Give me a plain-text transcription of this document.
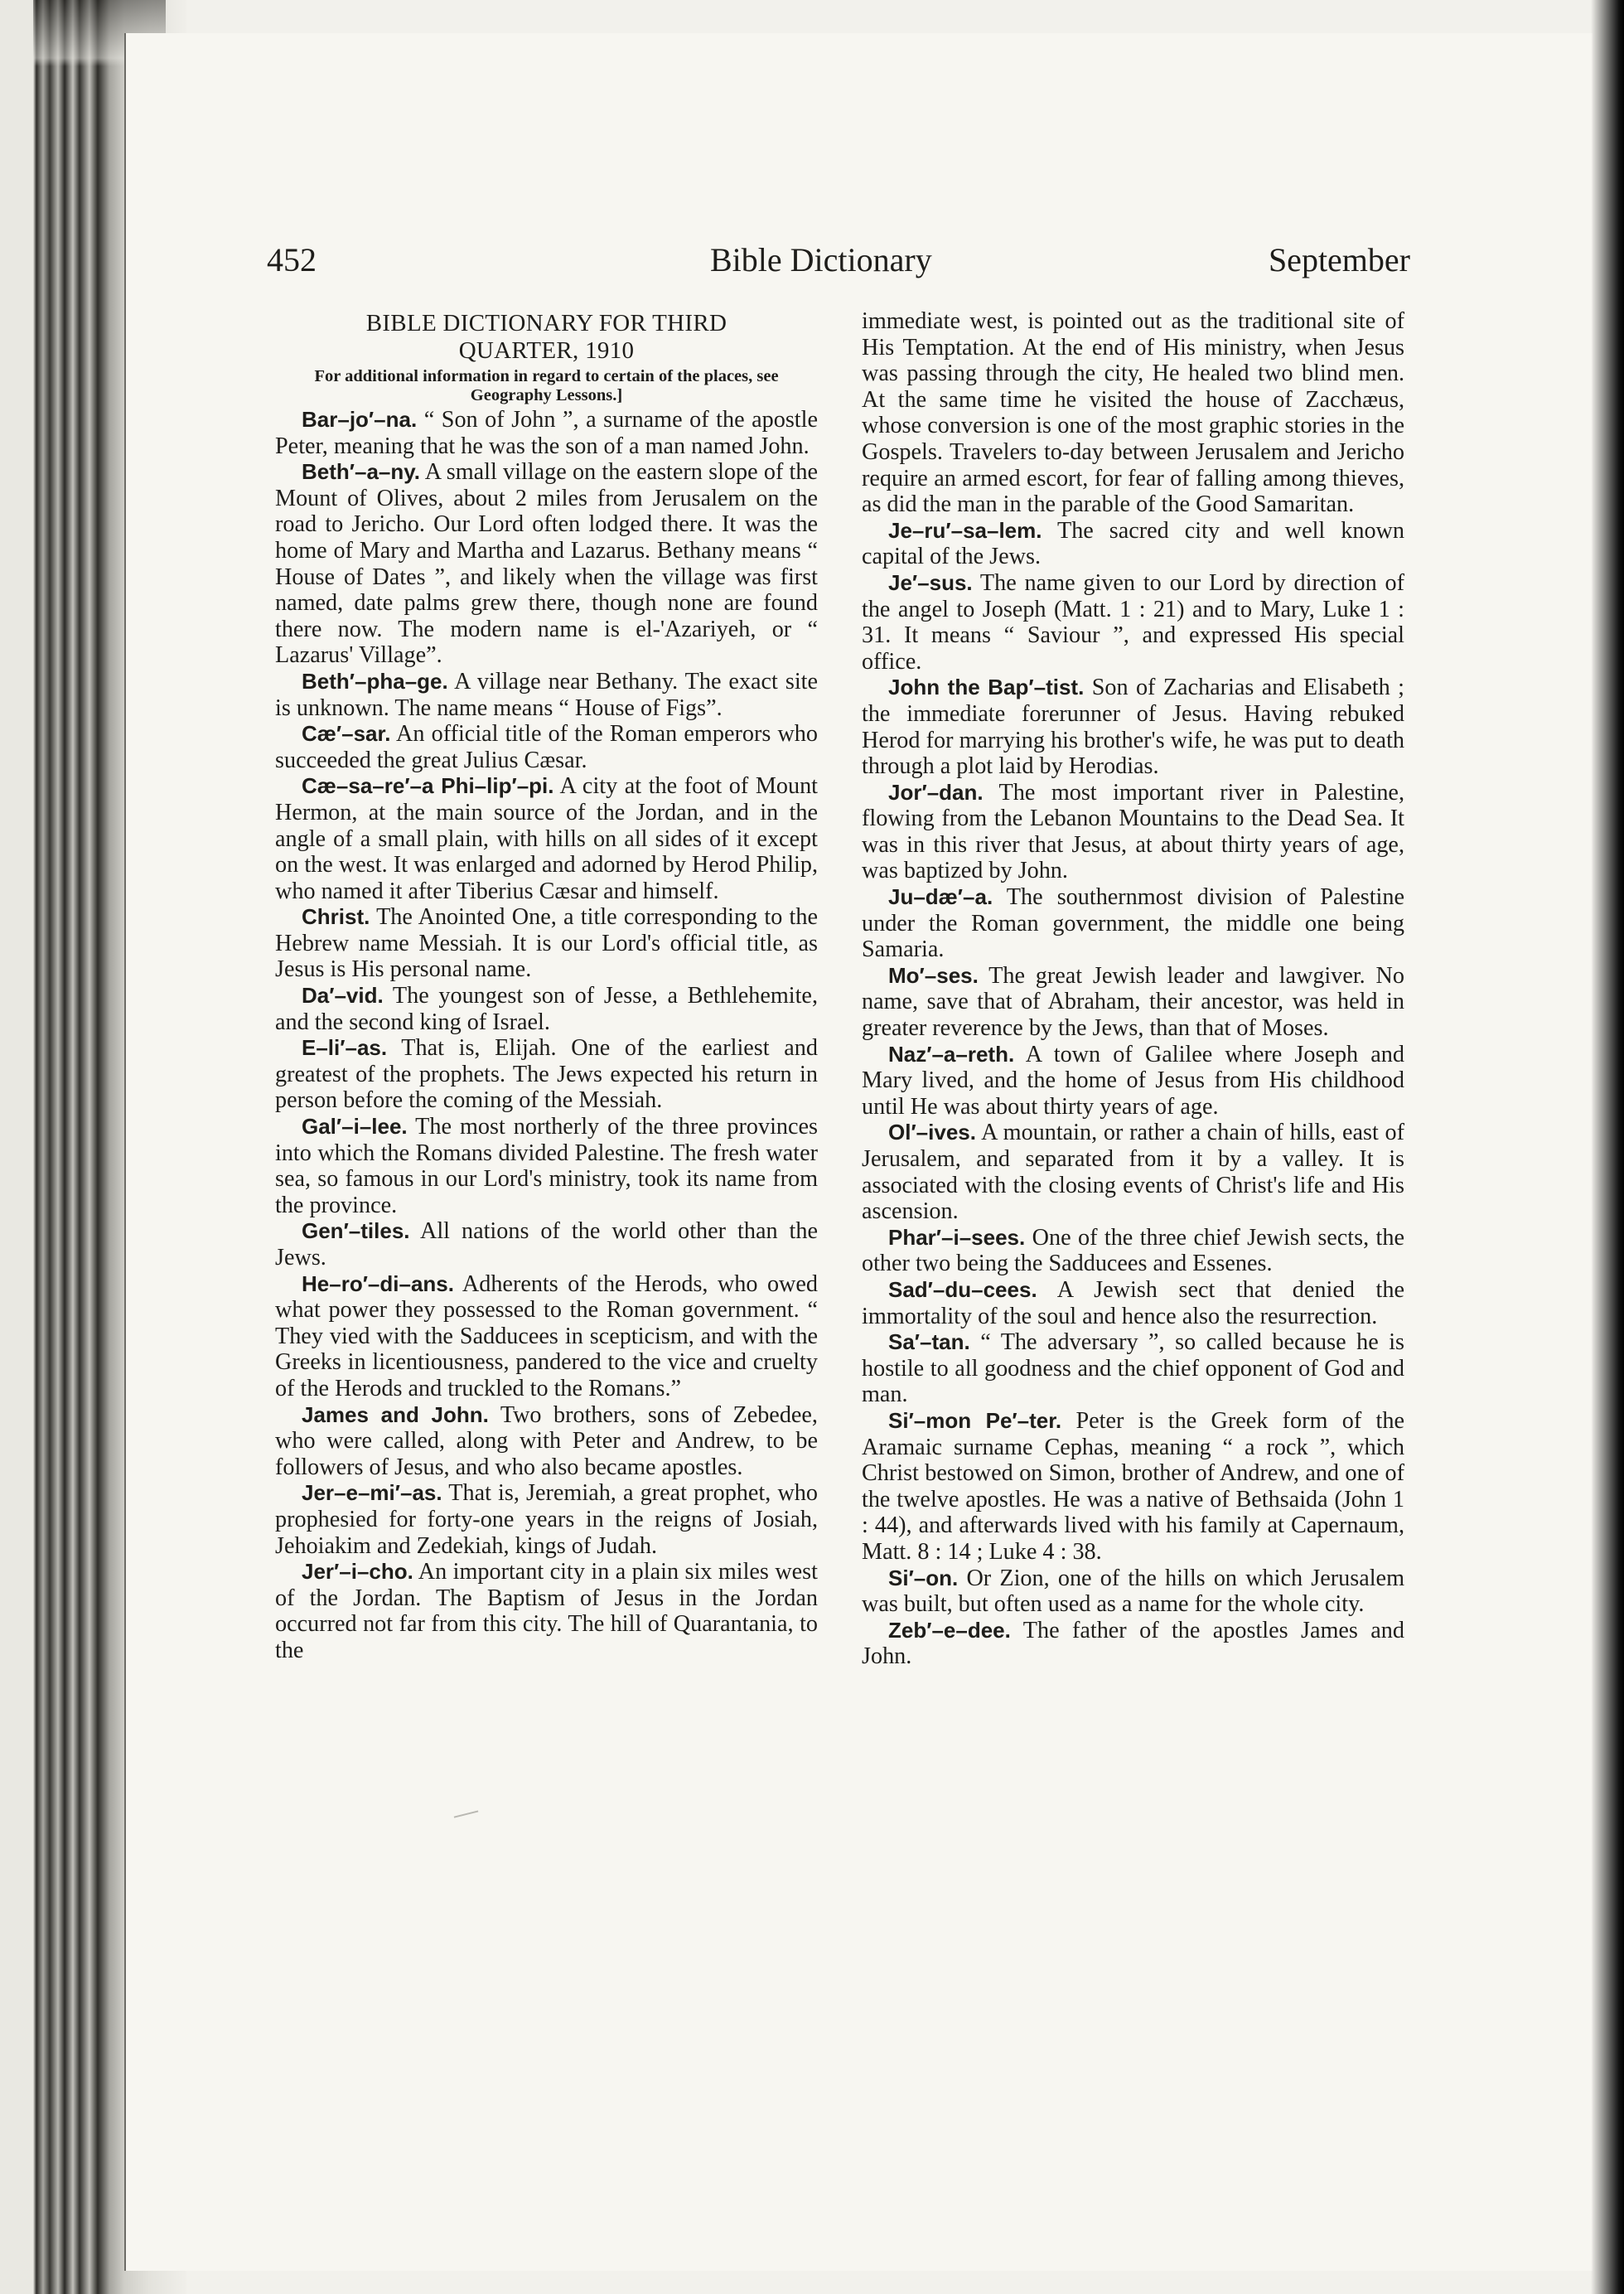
452	Bible Dictionary	September
BIBLE DICTIONARY FOR THIRD
QUARTER, 1910
For additional information in regard to certain of the places, see Geography Lessons.]

Bar–jo′–na. “ Son of John ”, a surname of the apostle Peter, meaning that he was the son of a man named John.

Beth′–a–ny. A small village on the eastern slope of the Mount of Olives, about 2 miles from Jerusalem on the road to Jericho. Our Lord often lodged there. It was the home of Mary and Martha and Lazarus. Bethany means “ House of Dates ”, and likely when the village was first named, date palms grew there, though none are found there now. The modern name is el-'Azariyeh, or “ Lazarus' Village”.

Beth′–pha–ge. A village near Bethany. The exact site is unknown. The name means “ House of Figs”.

Cæ′–sar. An official title of the Roman emperors who succeeded the great Julius Cæsar.

Cæ–sa–re′–a Phi–lip′–pi. A city at the foot of Mount Hermon, at the main source of the Jordan, and in the angle of a small plain, with hills on all sides of it except on the west. It was enlarged and adorned by Herod Philip, who named it after Tiberius Cæsar and himself.

Christ. The Anointed One, a title corresponding to the Hebrew name Messiah. It is our Lord's official title, as Jesus is His personal name.

Da′–vid. The youngest son of Jesse, a Bethlehemite, and the second king of Israel.

E–li′–as. That is, Elijah. One of the earliest and greatest of the prophets. The Jews expected his return in person before the coming of the Messiah.

Gal′–i–lee. The most northerly of the three provinces into which the Romans divided Palestine. The fresh water sea, so famous in our Lord's ministry, took its name from the province.

Gen′–tiles. All nations of the world other than the Jews.

He–ro′–di–ans. Adherents of the Herods, who owed what power they possessed to the Roman government. “ They vied with the Sadducees in scepticism, and with the Greeks in licentiousness, pandered to the vice and cruelty of the Herods and truckled to the Romans.”

James and John. Two brothers, sons of Zebedee, who were called, along with Peter and Andrew, to be followers of Jesus, and who also became apostles.

Jer–e–mi′–as. That is, Jeremiah, a great prophet, who prophesied for forty-one years in the reigns of Josiah, Jehoiakim and Zedekiah, kings of Judah.

Jer′–i–cho. An important city in a plain six miles west of the Jordan. The Baptism of Jesus in the Jordan occurred not far from this city. The hill of Quarantania, to the

immediate west, is pointed out as the traditional site of His Temptation. At the end of His ministry, when Jesus was passing through the city, He healed two blind men. At the same time he visited the house of Zacchæus, whose conversion is one of the most graphic stories in the Gospels. Travelers to-day between Jerusalem and Jericho require an armed escort, for fear of falling among thieves, as did the man in the parable of the Good Samaritan.

Je–ru′–sa–lem. The sacred city and well known capital of the Jews.

Je′–sus. The name given to our Lord by direction of the angel to Joseph (Matt. 1 : 21) and to Mary, Luke 1 : 31. It means “ Saviour ”, and expressed His special office.

John the Bap′–tist. Son of Zacharias and Elisabeth ; the immediate forerunner of Jesus. Having rebuked Herod for marrying his brother's wife, he was put to death through a plot laid by Herodias.

Jor′–dan. The most important river in Palestine, flowing from the Lebanon Mountains to the Dead Sea. It was in this river that Jesus, at about thirty years of age, was baptized by John.

Ju–dæ′–a. The southernmost division of Palestine under the Roman government, the middle one being Samaria.

Mo′–ses. The great Jewish leader and lawgiver. No name, save that of Abraham, their ancestor, was held in greater reverence by the Jews, than that of Moses.

Naz′–a–reth. A town of Galilee where Joseph and Mary lived, and the home of Jesus from His childhood until He was about thirty years of age.

Ol′–ives. A mountain, or rather a chain of hills, east of Jerusalem, and separated from it by a valley. It is associated with the closing events of Christ's life and His ascension.

Phar′–i–sees. One of the three chief Jewish sects, the other two being the Sadducees and Essenes.

Sad′–du–cees. A Jewish sect that denied the immortality of the soul and hence also the resurrection.

Sa′–tan. “ The adversary ”, so called because he is hostile to all goodness and the chief opponent of God and man.

Si′–mon Pe′–ter. Peter is the Greek form of the Aramaic surname Cephas, meaning “ a rock ”, which Christ bestowed on Simon, brother of Andrew, and one of the twelve apostles. He was a native of Bethsaida (John 1 : 44), and afterwards lived with his family at Capernaum, Matt. 8 : 14 ; Luke 4 : 38.

Si′–on. Or Zion, one of the hills on which Jerusalem was built, but often used as a name for the whole city.

Zeb′–e–dee. The father of the apostles James and John.
